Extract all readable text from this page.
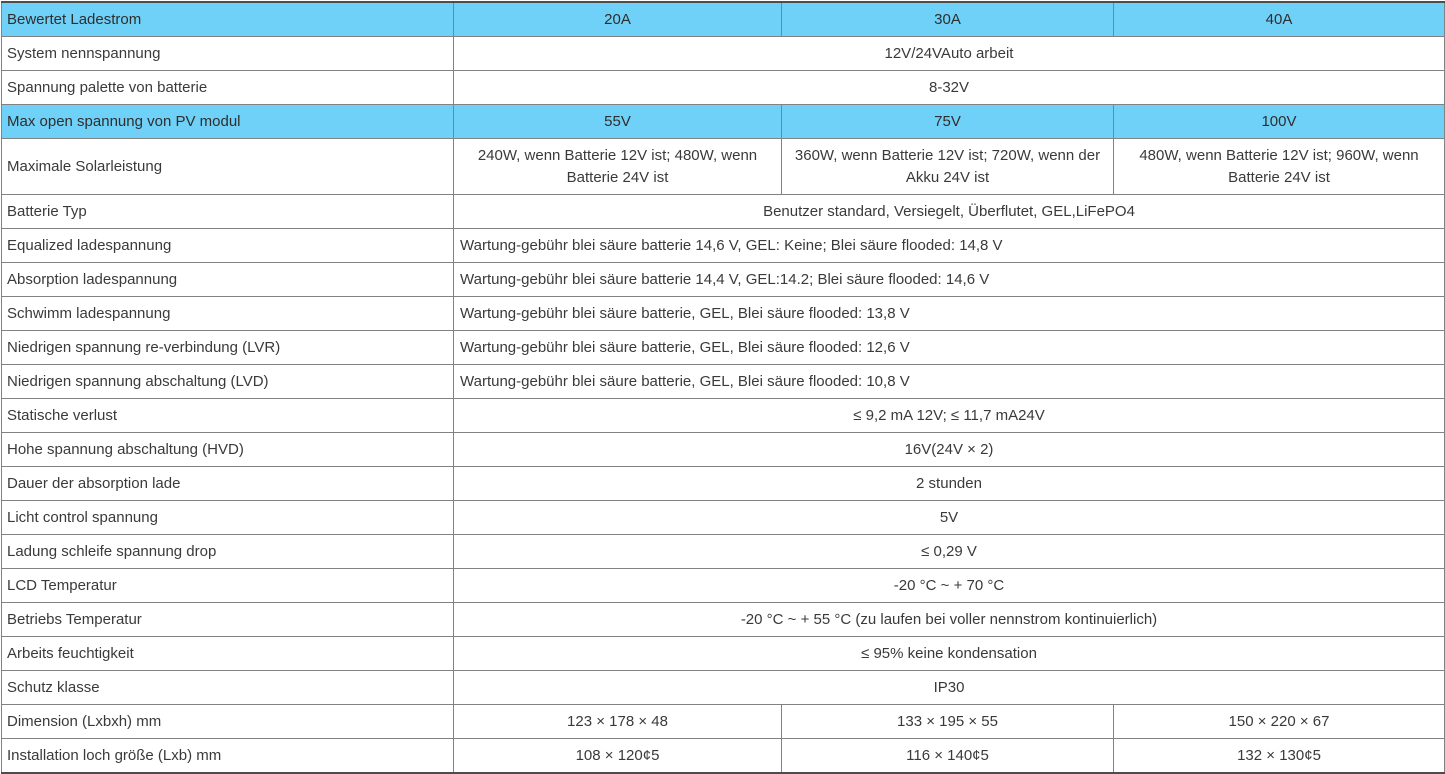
Bewertet Ladestrom	20A	30A	40A
System nennspannung	12V/24VAuto arbeit		
Spannung palette von batterie	8-32V		
Max open spannung von PV modul	55V	75V	100V
Maximale Solarleistung	240W, wenn Batterie 12V ist; 480W, wenn Batterie 24V ist	360W, wenn Batterie 12V ist; 720W, wenn der Akku 24V ist	480W, wenn Batterie 12V ist; 960W, wenn Batterie 24V ist
Batterie Typ	Benutzer standard, Versiegelt, Überflutet, GEL,LiFePO4		
Equalized ladespannung	Wartung-gebühr blei säure batterie 14,6 V, GEL: Keine; Blei säure flooded: 14,8 V		
Absorption ladespannung	Wartung-gebühr blei säure batterie 14,4 V, GEL:14.2; Blei säure flooded: 14,6 V		
Schwimm ladespannung	Wartung-gebühr blei säure batterie, GEL, Blei säure flooded: 13,8 V		
Niedrigen spannung re-verbindung (LVR)	Wartung-gebühr blei säure batterie, GEL, Blei säure flooded: 12,6 V		
Niedrigen spannung abschaltung (LVD)	Wartung-gebühr blei säure batterie, GEL, Blei säure flooded: 10,8 V		
Statische verlust	≤ 9,2 mA 12V; ≤ 11,7 mA24V		
Hohe spannung abschaltung (HVD)	16V(24V × 2)		
Dauer der absorption lade	2 stunden		
Licht control spannung	5V		
Ladung schleife spannung drop	≤ 0,29 V		
LCD Temperatur	-20 °C ~ + 70 °C		
Betriebs Temperatur	-20 °C ~ + 55 °C (zu laufen bei voller nennstrom kontinuierlich)		
Arbeits feuchtigkeit	≤ 95% keine kondensation		
Schutz klasse	IP30		
Dimension (Lxbxh) mm	123 × 178 × 48	133 × 195 × 55	150 × 220 × 67
Installation loch größe (Lxb) mm	108 × 120¢5	116 × 140¢5	132 × 130¢5
